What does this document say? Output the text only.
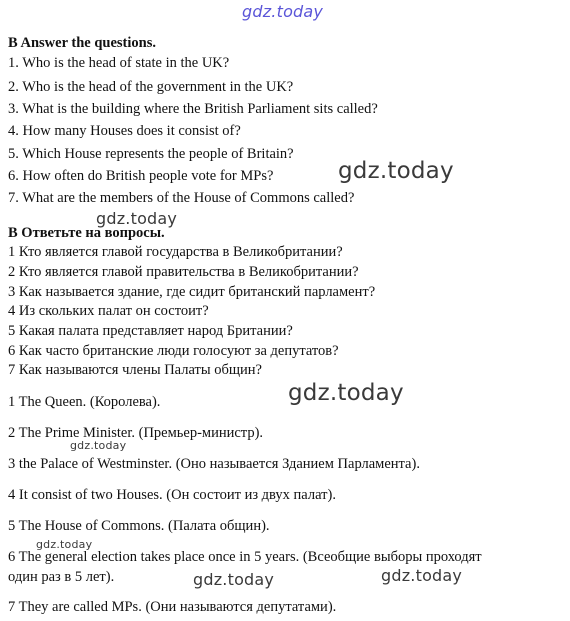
gdz.today
gdz.today
gdz.today
gdz.today
gdz.today
gdz.today
gdz.today	gdz.today
B Answer the questions.
1. Who is the head of state in the UK?
2. Who is the head of the government in the UK?
3. What is the building where the British Parliament sits called?
4. How many Houses does it consist of?
5. Which House represents the people of Britain?
6. How often do British people vote for MPs?
7. What are the members of the House of Commons called?
B Ответьте на вопросы.
1 Кто является главой государства в Великобритании?
2 Кто является главой правительства в Великобритании?
3 Как называется здание, где сидит британский парламент?
4 Из скольких палат он состоит?
5 Какая палата представляет народ Британии?
6 Как часто британские люди голосуют за депутатов?
7 Как называются члены Палаты общин?
1 The Queen. (Королева).
2 The Prime Minister. (Премьер-министр).
3 the Palace of Westminster. (Оно называется Зданием Парламента).
4 It consist of two Houses. (Он состоит из двух палат).
5 The House of Commons. (Палата общин).
6 The general election takes place once in 5 years. (Всеобщие выборы проходят
один раз в 5 лет).
7 They are called MPs. (Они называются депутатами).
